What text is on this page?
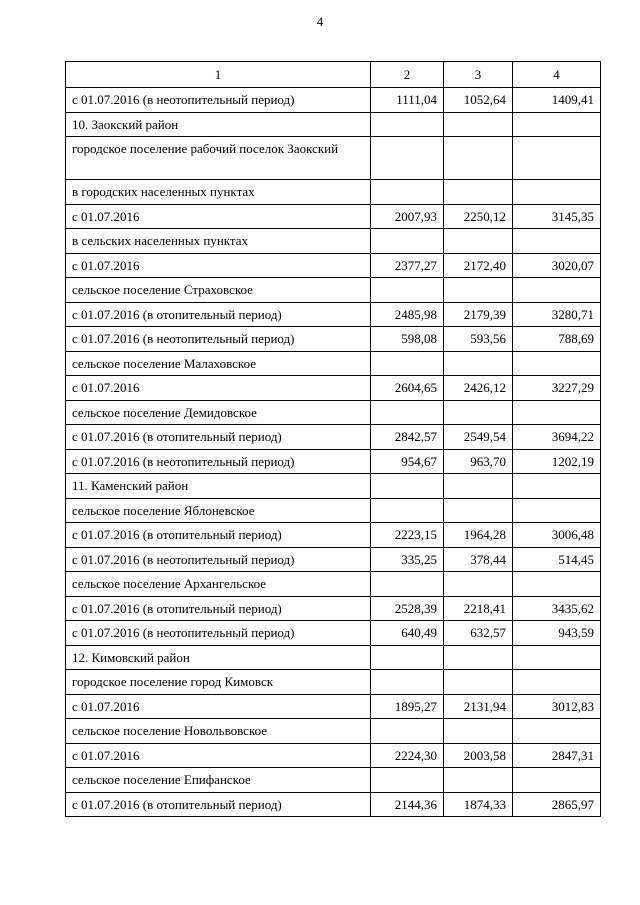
4
1	2	3	4
с 01.07.2016 (в неотопительный период)	1111,04	1052,64	1409,41
10. Заокский район			
городское поселение рабочий поселок Заокский			
в городских населенных пунктах			
с 01.07.2016	2007,93	2250,12	3145,35
в сельских населенных пунктах			
с 01.07.2016	2377,27	2172,40	3020,07
сельское поселение Страховское			
с 01.07.2016 (в отопительный период)	2485,98	2179,39	3280,71
с 01.07.2016 (в неотопительный период)	598,08	593,56	788,69
сельское поселение Малаховское			
с 01.07.2016	2604,65	2426,12	3227,29
сельское поселение Демидовское			
с 01.07.2016 (в отопительный период)	2842,57	2549,54	3694,22
с 01.07.2016 (в неотопительный период)	954,67	963,70	1202,19
11. Каменский район			
сельское поселение Яблоневское			
с 01.07.2016 (в отопительный период)	2223,15	1964,28	3006,48
с 01.07.2016 (в неотопительный период)	335,25	378,44	514,45
сельское поселение Архангельское			
с 01.07.2016 (в отопительный период)	2528,39	2218,41	3435,62
с 01.07.2016 (в неотопительный период)	640,49	632,57	943,59
12. Кимовский район			
городское поселение город Кимовск			
с 01.07.2016	1895,27	2131,94	3012,83
сельское поселение Новольвовское			
с 01.07.2016	2224,30	2003,58	2847,31
сельское поселение Епифанское			
с 01.07.2016 (в отопительный период)	2144,36	1874,33	2865,97
